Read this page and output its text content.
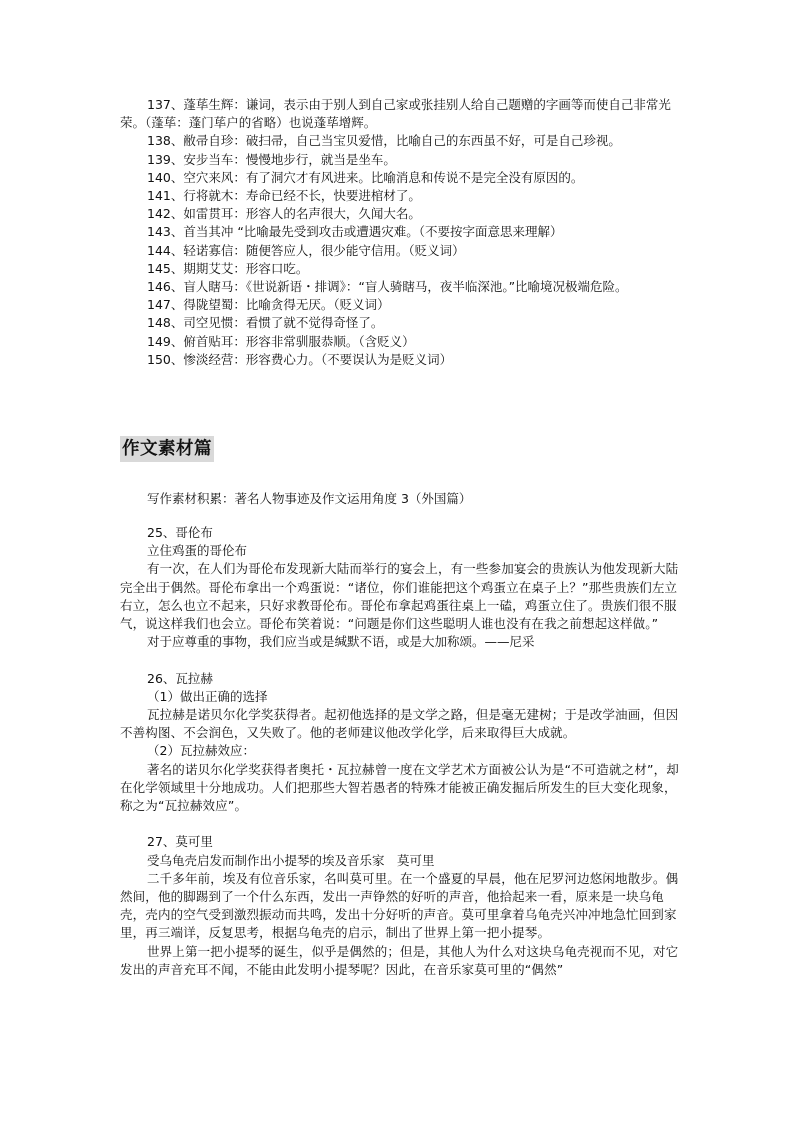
137、蓬荜生辉：谦词，表示由于别人到自己家或张挂别人给自己题赠的字画等而使自己非常光荣。（蓬荜：蓬门荜户的省略）也说蓬荜增辉。

138、敝帚自珍：破扫帚，自己当宝贝爱惜，比喻自己的东西虽不好，可是自己珍视。

139、安步当车：慢慢地步行，就当是坐车。

140、空穴来风：有了洞穴才有风进来。比喻消息和传说不是完全没有原因的。

141、行将就木：寿命已经不长，快要进棺材了。

142、如雷贯耳：形容人的名声很大，久闻大名。

143、首当其冲 “比喻最先受到攻击或遭遇灾难。（不要按字面意思来理解）

144、轻诺寡信：随便答应人，很少能守信用。（贬义词）

145、期期艾艾：形容口吃。

146、盲人瞎马：《世说新语・排调》：“盲人骑瞎马，夜半临深池。”比喻境况极端危险。

147、得陇望蜀：比喻贪得无厌。（贬义词）

148、司空见惯：看惯了就不觉得奇怪了。

149、俯首贴耳：形容非常驯服恭顺。（含贬义）

150、惨淡经营：形容费心力。（不要误认为是贬义词）

作文素材篇
写作素材积累：著名人物事迹及作文运用角度 3（外国篇）

25、哥伦布

立住鸡蛋的哥伦布

有一次，在人们为哥伦布发现新大陆而举行的宴会上，有一些参加宴会的贵族认为他发现新大陆完全出于偶然。哥伦布拿出一个鸡蛋说：“诸位，你们谁能把这个鸡蛋立在桌子上？”那些贵族们左立右立，怎么也立不起来，只好求教哥伦布。哥伦布拿起鸡蛋往桌上一磕，鸡蛋立住了。贵族们很不服气，说这样我们也会立。哥伦布笑着说：“问题是你们这些聪明人谁也没有在我之前想起这样做。”

对于应尊重的事物，我们应当或是缄默不语，或是大加称颂。——尼采

26、瓦拉赫

（1）做出正确的选择

瓦拉赫是诺贝尔化学奖获得者。起初他选择的是文学之路，但是毫无建树；于是改学油画，但因不善构图、不会润色，又失败了。他的老师建议他改学化学，后来取得巨大成就。

（2）瓦拉赫效应：

著名的诺贝尔化学奖获得者奥托・瓦拉赫曾一度在文学艺术方面被公认为是“不可造就之材”，却在化学领域里十分地成功。人们把那些大智若愚者的特殊才能被正确发掘后所发生的巨大变化现象，称之为“瓦拉赫效应”。

27、莫可里

受乌龟壳启发而制作出小提琴的埃及音乐家　莫可里

二千多年前，埃及有位音乐家，名叫莫可里。在一个盛夏的早晨，他在尼罗河边悠闲地散步。偶然间，他的脚踢到了一个什么东西，发出一声铮然的好听的声音，他拾起来一看，原来是一块乌龟壳，壳内的空气受到激烈振动而共鸣，发出十分好听的声音。莫可里拿着乌龟壳兴冲冲地急忙回到家里，再三端详，反复思考，根据乌龟壳的启示，制出了世界上第一把小提琴。

世界上第一把小提琴的诞生，似乎是偶然的；但是，其他人为什么对这块乌龟壳视而不见，对它发出的声音充耳不闻，不能由此发明小提琴呢？因此，在音乐家莫可里的“偶然”
